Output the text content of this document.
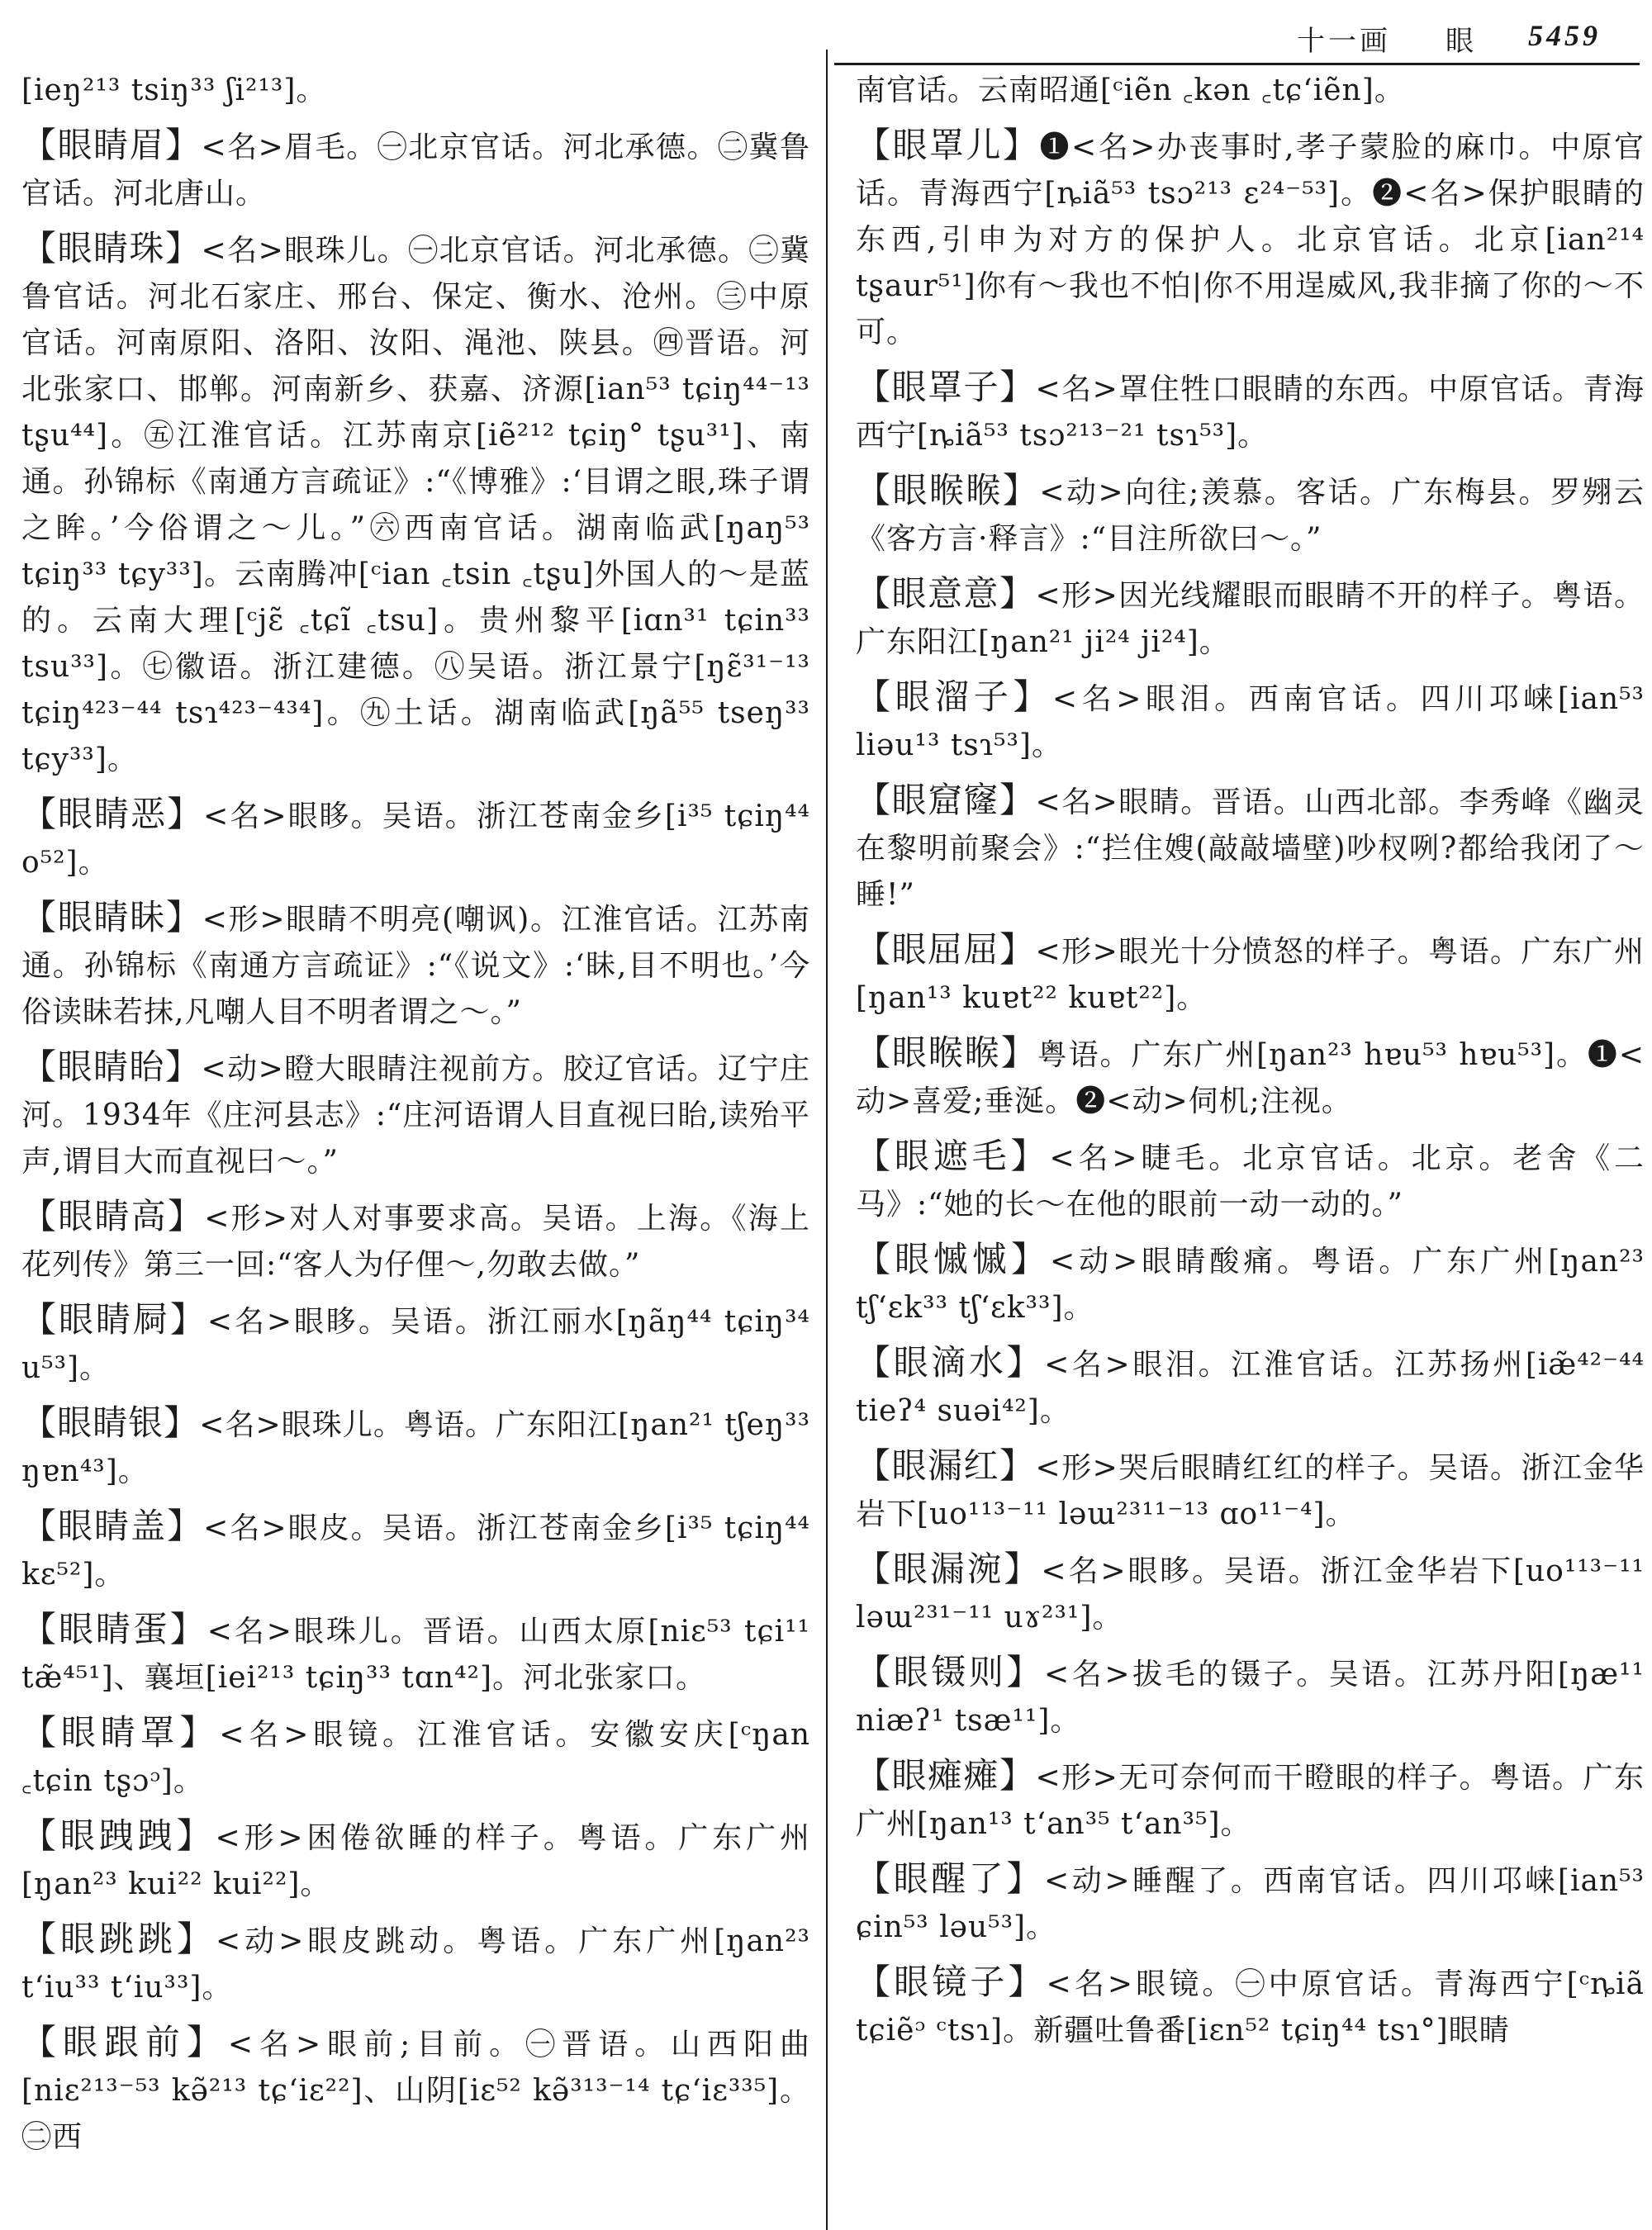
十一画 眼 5459

[ieŋ²¹³ tsiŋ³³ ʃi²¹³]。

【眼睛眉】<名>眉毛。㊀北京官话。河北承德。㊁冀鲁官话。河北唐山。

【眼睛珠】<名>眼珠儿。㊀北京官话。河北承德。㊁冀鲁官话。河北石家庄、邢台、保定、衡水、沧州。㊂中原官话。河南原阳、洛阳、汝阳、渑池、陕县。㊃晋语。河北张家口、邯郸。河南新乡、获嘉、济源[ian⁵³ tɕiŋ⁴⁴⁻¹³ tʂu⁴⁴]。㊄江淮官话。江苏南京[iẽ²¹² tɕiŋ° tʂu³¹]、南通。孙锦标《南通方言疏证》:“《博雅》:‘目谓之眼,珠子谓之眸。’今俗谓之～儿。”㊅西南官话。湖南临武[ŋaŋ⁵³ tɕiŋ³³ tɕy³³]。云南腾冲[ᶜian ꜀tsin ꜀tʂu]外国人的～是蓝的。云南大理[ᶜjɛ̃ ꜀tɕĩ ꜀tsu]。贵州黎平[iɑn³¹ tɕin³³ tsu³³]。㊆徽语。浙江建德。㊇吴语。浙江景宁[ŋɛ̃³¹⁻¹³ tɕiŋ⁴²³⁻⁴⁴ tsɿ⁴²³⁻⁴³⁴]。㊈土话。湖南临武[ŋã⁵⁵ tseŋ³³ tɕy³³]。

【眼睛恶】<名>眼眵。吴语。浙江苍南金乡[i³⁵ tɕiŋ⁴⁴ o⁵²]。

【眼睛眛】<形>眼睛不明亮(嘲讽)。江淮官话。江苏南通。孙锦标《南通方言疏证》:“《说文》:‘眛,目不明也。’今俗读眛若抹,凡嘲人目不明者谓之～。”

【眼睛眙】<动>瞪大眼睛注视前方。胶辽官话。辽宁庄河。1934年《庄河县志》:“庄河语谓人目直视曰眙,读殆平声,谓目大而直视曰～。”

【眼睛高】<形>对人对事要求高。吴语。上海。《海上花列传》第三一回:“客人为仔俚～,勿敢去做。”

【眼睛屙】<名>眼眵。吴语。浙江丽水[ŋãŋ⁴⁴ tɕiŋ³⁴ u⁵³]。

【眼睛银】<名>眼珠儿。粤语。广东阳江[ŋan²¹ tʃeŋ³³ ŋɐn⁴³]。

【眼睛盖】<名>眼皮。吴语。浙江苍南金乡[i³⁵ tɕiŋ⁴⁴ kɛ⁵²]。

【眼睛蛋】<名>眼珠儿。晋语。山西太原[niɛ⁵³ tɕi¹¹ tæ̃⁴⁵¹]、襄垣[iei²¹³ tɕiŋ³³ tɑn⁴²]。河北张家口。

【眼睛罩】<名>眼镜。江淮官话。安徽安庆[ᶜŋan ꜀tɕin tʂɔᵓ]。

【眼跩跩】<形>困倦欲睡的样子。粤语。广东广州[ŋan²³ kui²² kui²²]。

【眼跳跳】<动>眼皮跳动。粤语。广东广州[ŋan²³ tʻiu³³ tʻiu³³]。

【眼跟前】<名>眼前;目前。㊀晋语。山西阳曲[niɛ²¹³⁻⁵³ kə̃²¹³ tɕʻiɛ²²]、山阴[iɛ⁵² kə̃³¹³⁻¹⁴ tɕʻiɛ³³⁵]。㊁西

南官话。云南昭通[ᶜiẽn ꜀kən ꜀tɕʻiẽn]。

【眼罩儿】❶<名>办丧事时,孝子蒙脸的麻巾。中原官话。青海西宁[ȵiã⁵³ tsɔ²¹³ ɛ²⁴⁻⁵³]。❷<名>保护眼睛的东西,引申为对方的保护人。北京官话。北京[ian²¹⁴ tʂaur⁵¹]你有～我也不怕|你不用逞威风,我非摘了你的～不可。

【眼罩子】<名>罩住牲口眼睛的东西。中原官话。青海西宁[ȵiã⁵³ tsɔ²¹³⁻²¹ tsɿ⁵³]。

【眼睺睺】<动>向往;羡慕。客话。广东梅县。罗翙云《客方言·释言》:“目注所欲曰～。”

【眼意意】<形>因光线耀眼而眼睛不开的样子。粤语。广东阳江[ŋan²¹ ji²⁴ ji²⁴]。

【眼溜子】<名>眼泪。西南官话。四川邛崃[ian⁵³ liəu¹³ tsɿ⁵³]。

【眼窟窿】<名>眼睛。晋语。山西北部。李秀峰《幽灵在黎明前聚会》:“拦住嫂(敲敲墙壁)吵杈咧?都给我闭了～睡!”

【眼屈屈】<形>眼光十分愤怒的样子。粤语。广东广州[ŋan¹³ kuɐt²² kuɐt²²]。

【眼睺睺】粤语。广东广州[ŋan²³ hɐu⁵³ hɐu⁵³]。❶<动>喜爱;垂涎。❷<动>伺机;注视。

【眼遮毛】<名>睫毛。北京官话。北京。老舍《二马》:“她的长～在他的眼前一动一动的。”

【眼慽慽】<动>眼睛酸痛。粤语。广东广州[ŋan²³ tʃʻɛk³³ tʃʻɛk³³]。

【眼滴水】<名>眼泪。江淮官话。江苏扬州[iæ̃⁴²⁻⁴⁴ tieʔ⁴ suəi⁴²]。

【眼漏红】<形>哭后眼睛红红的样子。吴语。浙江金华岩下[uo¹¹³⁻¹¹ ləɯ²³¹¹⁻¹³ ɑo¹¹⁻⁴]。

【眼漏涴】<名>眼眵。吴语。浙江金华岩下[uo¹¹³⁻¹¹ ləɯ²³¹⁻¹¹ uɤ²³¹]。

【眼镊则】<名>拔毛的镊子。吴语。江苏丹阳[ŋæ¹¹ niæʔ¹ tsæ¹¹]。

【眼瘫瘫】<形>无可奈何而干瞪眼的样子。粤语。广东广州[ŋan¹³ tʻan³⁵ tʻan³⁵]。

【眼醒了】<动>睡醒了。西南官话。四川邛崃[ian⁵³ ɕin⁵³ ləu⁵³]。

【眼镜子】<名>眼镜。㊀中原官话。青海西宁[ᶜȵiã tɕiẽᵓ ᶜtsɿ]。新疆吐鲁番[iɛn⁵² tɕiŋ⁴⁴ tsɿ°]眼睛
